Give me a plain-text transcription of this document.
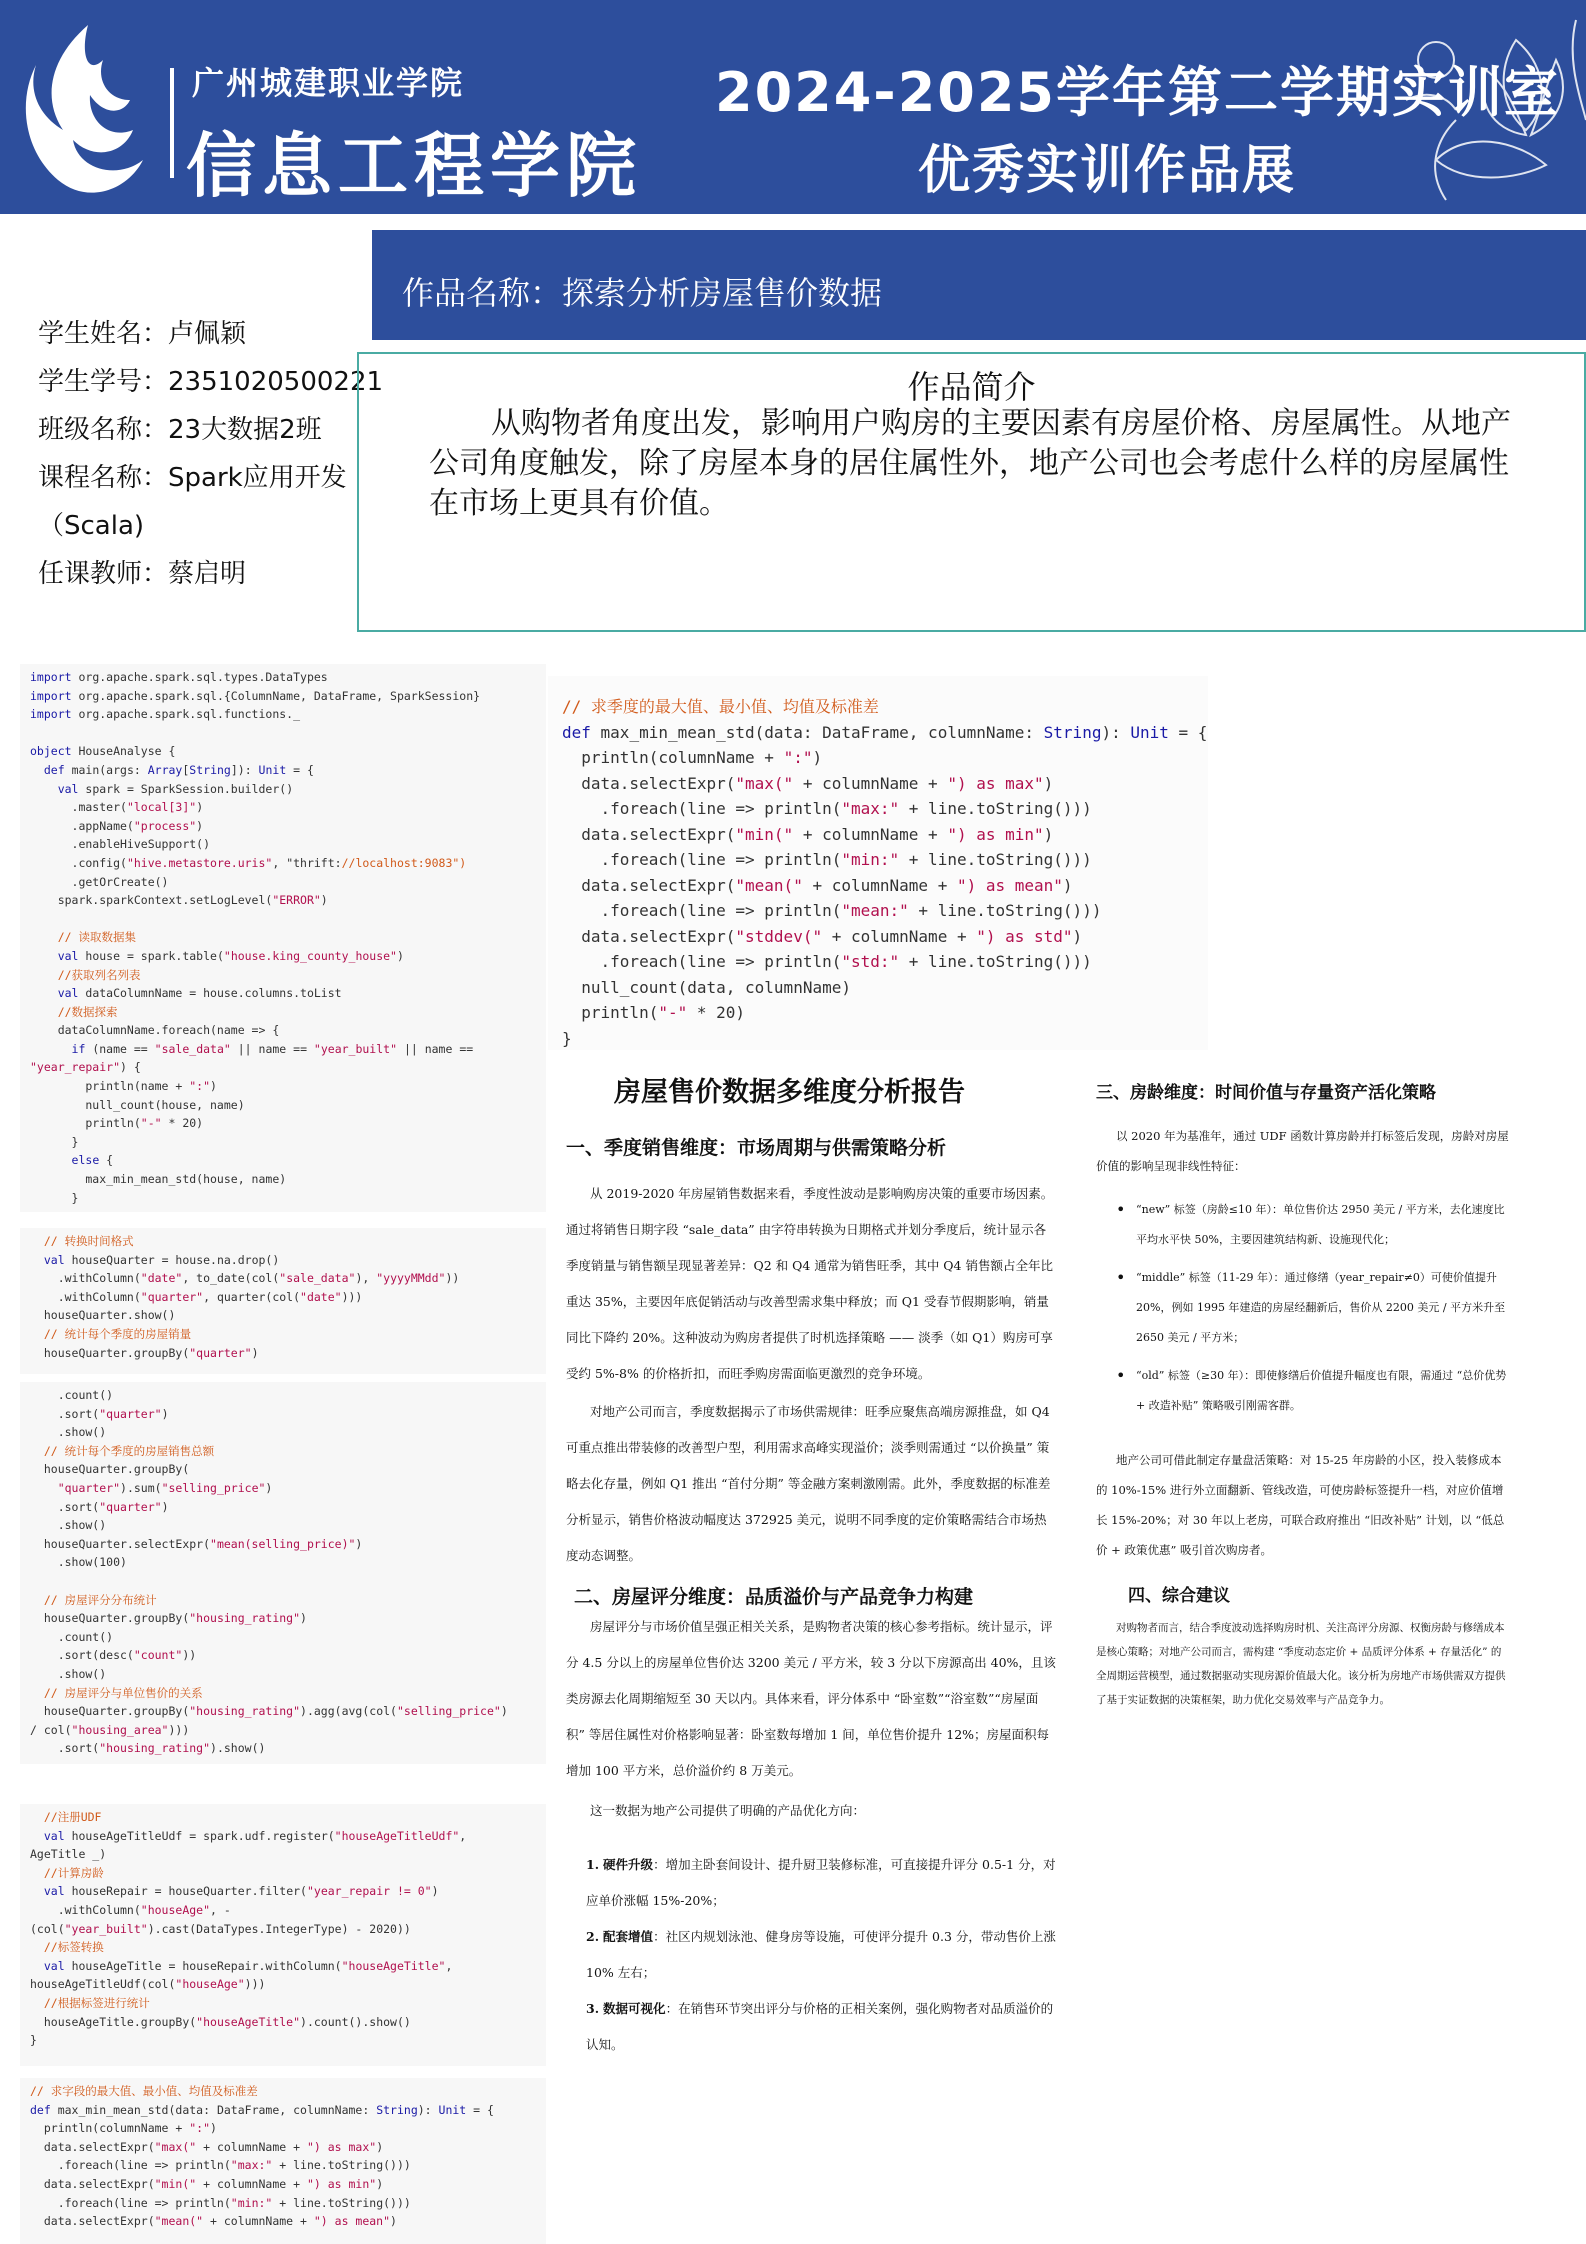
广州城建职业学院
信息工程学院
2024-2025学年第二学期实训室
优秀实训作品展
作品名称：探索分析房屋售价数据
学生姓名：卢佩颖
学生学号：2351020500221
班级名称：23大数据2班
课程名称：Spark应用开发
（Scala)
任课教师：蔡启明
作品简介
从购物者角度出发，影响用户购房的主要因素有房屋价格、房屋属性。从地产公司角度触发，除了房屋本身的居住属性外，地产公司也会考虑什么样的房屋属性在市场上更具有价值。
import org.apache.spark.sql.types.DataTypes
import org.apache.spark.sql.{ColumnName, DataFrame, SparkSession}
import org.apache.spark.sql.functions._

object HouseAnalyse {
def main(args: Array[String]): Unit = {
val spark = SparkSession.builder()
.master("local[3]")
.appName("process")
.enableHiveSupport()
.config("hive.metastore.uris", "thrift://localhost:9083")
.getOrCreate()
spark.sparkContext.setLogLevel("ERROR")

// 读取数据集
val house = spark.table("house.king_county_house")
//获取列名列表
val dataColumnName = house.columns.toList
//数据探索
dataColumnName.foreach(name => {
if (name == "sale_data" || name == "year_built" || name ==
"year_repair") {
println(name + ":")
null_count(house, name)
println("-" * 20)
}
else {
max_min_mean_std(house, name)
}
// 转换时间格式
val houseQuarter = house.na.drop()
.withColumn("date", to_date(col("sale_data"), "yyyyMMdd"))
.withColumn("quarter", quarter(col("date")))
houseQuarter.show()
// 统计每个季度的房屋销量
houseQuarter.groupBy("quarter")
.count()
.sort("quarter")
.show()
// 统计每个季度的房屋销售总额
houseQuarter.groupBy(
"quarter").sum("selling_price")
.sort("quarter")
.show()
houseQuarter.selectExpr("mean(selling_price)")
.show(100)

// 房屋评分分布统计
houseQuarter.groupBy("housing_rating")
.count()
.sort(desc("count"))
.show()
// 房屋评分与单位售价的关系
houseQuarter.groupBy("housing_rating").agg(avg(col("selling_price")
/ col("housing_area")))
.sort("housing_rating").show()
//注册UDF
val houseAgeTitleUdf = spark.udf.register("houseAgeTitleUdf",
AgeTitle _)
//计算房龄
val houseRepair = houseQuarter.filter("year_repair != 0")
.withColumn("houseAge", -
(col("year_built").cast(DataTypes.IntegerType) - 2020))
//标签转换
val houseAgeTitle = houseRepair.withColumn("houseAgeTitle",
houseAgeTitleUdf(col("houseAge")))
//根据标签进行统计
houseAgeTitle.groupBy("houseAgeTitle").count().show()
}
// 求字段的最大值、最小值、均值及标准差
def max_min_mean_std(data: DataFrame, columnName: String): Unit = {
println(columnName + ":")
data.selectExpr("max(" + columnName + ") as max")
.foreach(line => println("max:" + line.toString()))
data.selectExpr("min(" + columnName + ") as min")
.foreach(line => println("min:" + line.toString()))
data.selectExpr("mean(" + columnName + ") as mean")
// 求季度的最大值、最小值、均值及标准差
def max_min_mean_std(data: DataFrame, columnName: String): Unit = {
println(columnName + ":")
data.selectExpr("max(" + columnName + ") as max")
.foreach(line => println("max:" + line.toString()))
data.selectExpr("min(" + columnName + ") as min")
.foreach(line => println("min:" + line.toString()))
data.selectExpr("mean(" + columnName + ") as mean")
.foreach(line => println("mean:" + line.toString()))
data.selectExpr("stddev(" + columnName + ") as std")
.foreach(line => println("std:" + line.toString()))
null_count(data, columnName)
println("-" * 20)
}
房屋售价数据多维度分析报告
一、季度销售维度：市场周期与供需策略分析
从 2019-2020 年房屋销售数据来看，季度性波动是影响购房决策的重要市场因素。通过将销售日期字段 “sale_data” 由字符串转换为日期格式并划分季度后，统计显示各季度销量与销售额呈现显著差异：Q2 和 Q4 通常为销售旺季，其中 Q4 销售额占全年比重达 35%，主要因年底促销活动与改善型需求集中释放；而 Q1 受春节假期影响，销量同比下降约 20%。这种波动为购房者提供了时机选择策略 —— 淡季（如 Q1）购房可享受约 5%-8% 的价格折扣，而旺季购房需面临更激烈的竞争环境。
对地产公司而言，季度数据揭示了市场供需规律：旺季应聚焦高端房源推盘，如 Q4 可重点推出带装修的改善型户型，利用需求高峰实现溢价；淡季则需通过 “以价换量” 策略去化存量，例如 Q1 推出 “首付分期” 等金融方案刺激刚需。此外，季度数据的标准差分析显示，销售价格波动幅度达 372925 美元，说明不同季度的定价策略需结合市场热度动态调整。
二、房屋评分维度：品质溢价与产品竞争力构建
房屋评分与市场价值呈强正相关关系，是购物者决策的核心参考指标。统计显示，评分 4.5 分以上的房屋单位售价达 3200 美元 / 平方米，较 3 分以下房源高出 40%，且该类房源去化周期缩短至 30 天以内。具体来看，评分体系中 “卧室数”“浴室数”“房屋面积” 等居住属性对价格影响显著：卧室数每增加 1 间，单位售价提升 12%；房屋面积每增加 100 平方米，总价溢价约 8 万美元。
这一数据为地产公司提供了明确的产品优化方向：
1. 硬件升级：增加主卧套间设计、提升厨卫装修标准，可直接提升评分 0.5-1 分，对应单价涨幅 15%-20%；
2. 配套增值：社区内规划泳池、健身房等设施，可使评分提升 0.3 分，带动售价上涨 10% 左右；
3. 数据可视化：在销售环节突出评分与价格的正相关案例，强化购物者对品质溢价的认知。
三、房龄维度：时间价值与存量资产活化策略
以 2020 年为基准年，通过 UDF 函数计算房龄并打标签后发现，房龄对房屋价值的影响呈现非线性特征：
• “new” 标签（房龄≤10 年）：单位售价达 2950 美元 / 平方米，去化速度比平均水平快 50%，主要因建筑结构新、设施现代化；
• “middle” 标签（11-29 年）：通过修缮（year_repair≠0）可使价值提升 20%，例如 1995 年建造的房屋经翻新后，售价从 2200 美元 / 平方米升至 2650 美元 / 平方米；
• “old” 标签（≥30 年）：即使修缮后价值提升幅度也有限，需通过 “总价优势 + 改造补贴” 策略吸引刚需客群。
地产公司可借此制定存量盘活策略：对 15-25 年房龄的小区，投入装修成本的 10%-15% 进行外立面翻新、管线改造，可使房龄标签提升一档，对应价值增长 15%-20%；对 30 年以上老房，可联合政府推出 “旧改补贴” 计划，以 “低总价 + 政策优惠” 吸引首次购房者。
四、综合建议
对购物者而言，结合季度波动选择购房时机、关注高评分房源、权衡房龄与修缮成本是核心策略；对地产公司而言，需构建 “季度动态定价 + 品质评分体系 + 存量活化” 的全周期运营模型，通过数据驱动实现房源价值最大化。该分析为房地产市场供需双方提供了基于实证数据的决策框架，助力优化交易效率与产品竞争力。
